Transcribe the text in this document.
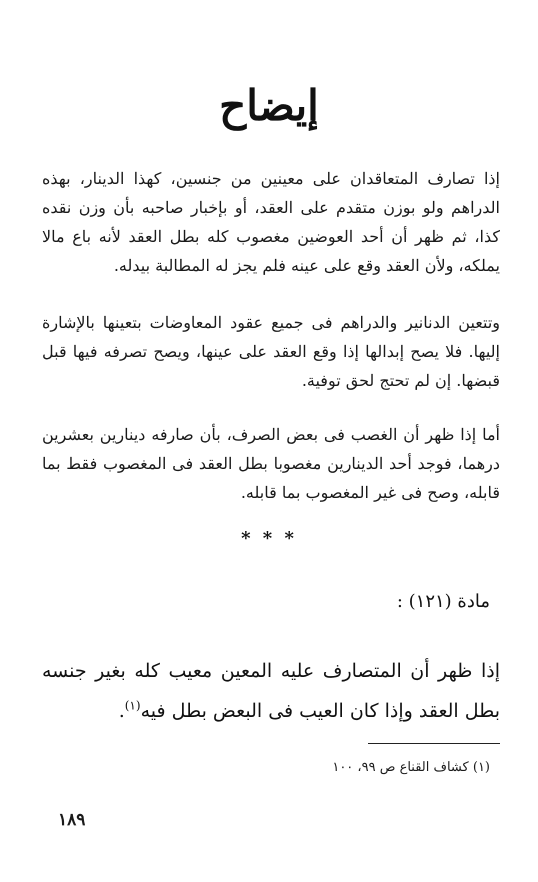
إيضاح

إذا تصارف المتعاقدان على معينين من جنسين، كهذا الدينار، بهذه الدراهم ولو بوزن متقدم على العقد، أو بإخبار صاحبه بأن وزن نقده كذا، ثم ظهر أن أحد العوضين مغصوب كله بطل العقد لأنه باع مالا يملكه، ولأن العقد وقع على عينه فلم يجز له المطالبة بيدله.

وتتعين الدنانير والدراهم فى جميع عقود المعاوضات بتعينها بالإشارة إليها. فلا يصح إبدالها إذا وقع العقد على عينها، ويصح تصرفه فيها قبل قبضها. إن لم تحتج لحق توفية.

أما إذا ظهر أن الغصب فى بعض الصرف، بأن صارفه دينارين بعشرين درهما، فوجد أحد الدينارين مغصوبا بطل العقد فى المغصوب فقط بما قابله، وصح فى غير المغصوب بما قابله.

* * *
مادة (١٢١) :

إذا ظهر أن المتصارف عليه المعين معيب كله بغير جنسه بطل العقد وإذا كان العيب فى البعض بطل فيه$^{(١)}$.

(١) كشاف القناع ص ٩٩، ١٠٠
١٨٩
